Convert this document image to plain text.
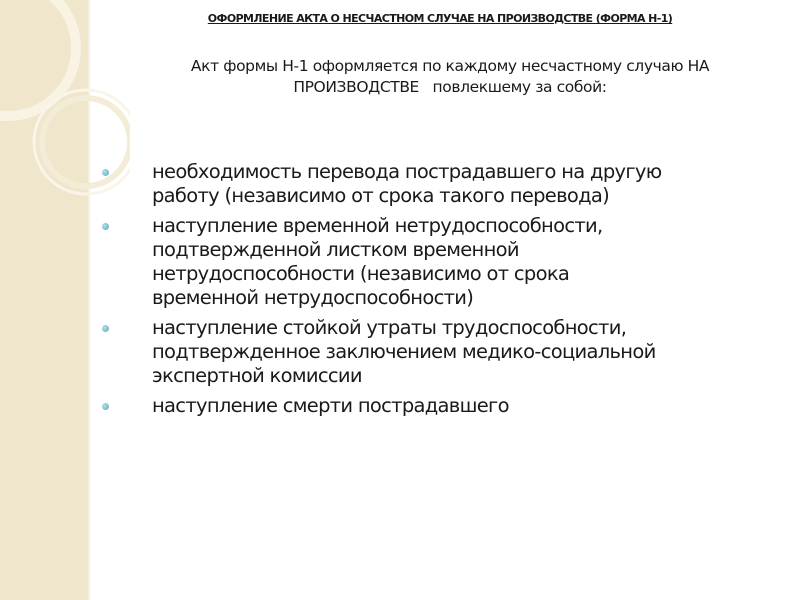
ОФОРМЛЕНИЕ АКТА О НЕСЧАСТНОМ СЛУЧАЕ НА ПРОИЗВОДСТВЕ (ФОРМА Н-1)
Акт формы Н-1 оформляется по каждому несчастному случаю НА
ПРОИЗВОДСТВЕ   повлекшему за собой:
необходимость перевода пострадавшего на другую
работу (независимо от срока такого перевода)
наступление временной нетрудоспособности,
подтвержденной листком временной
нетрудоспособности (независимо от срока
временной нетрудоспособности)
наступление стойкой утраты трудоспособности,
подтвержденное заключением медико-социальной
экспертной комиссии
наступление смерти пострадавшего
